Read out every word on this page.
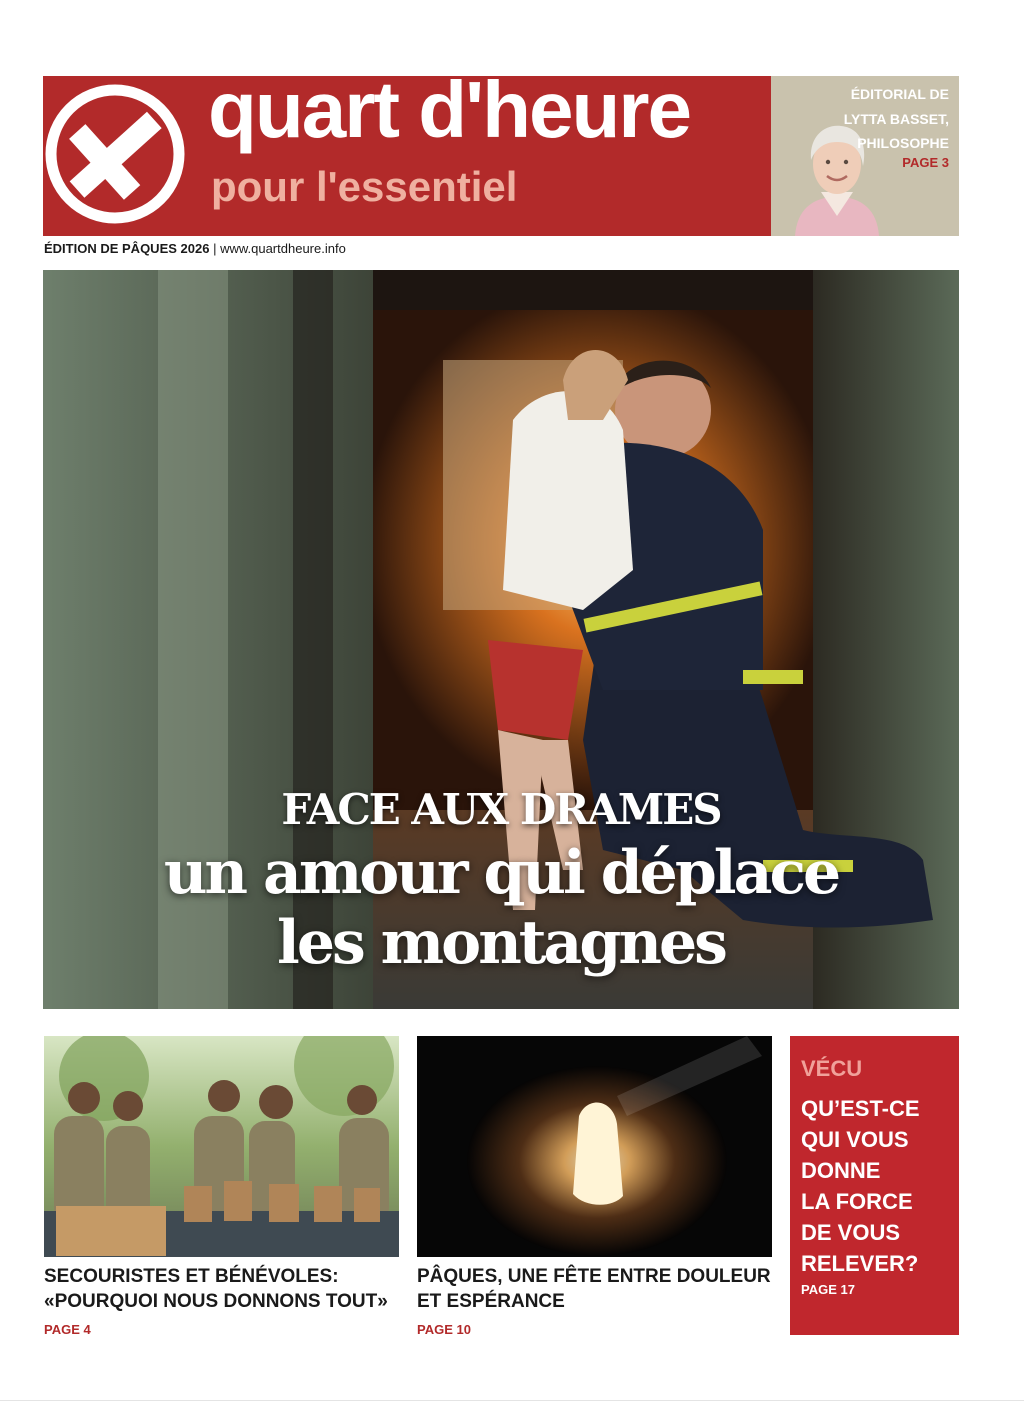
quart d'heure
pour l'essentiel
ÉDITORIAL DE
LYTTA BASSET,
PHILOSOPHE
PAGE 3
ÉDITION DE PÂQUES 2026 | www.quartdheure.info
FACE AUX DRAMES
un amour qui déplace
les montagnes
SECOURISTES ET BÉNÉVOLES:
«POURQUOI NOUS DONNONS TOUT»
PAGE 4
PÂQUES, UNE FÊTE ENTRE DOULEUR
ET ESPÉRANCE
PAGE 10
VÉCU
QU’EST-CE
QUI VOUS
DONNE
LA FORCE
DE VOUS
RELEVER?
PAGE 17
